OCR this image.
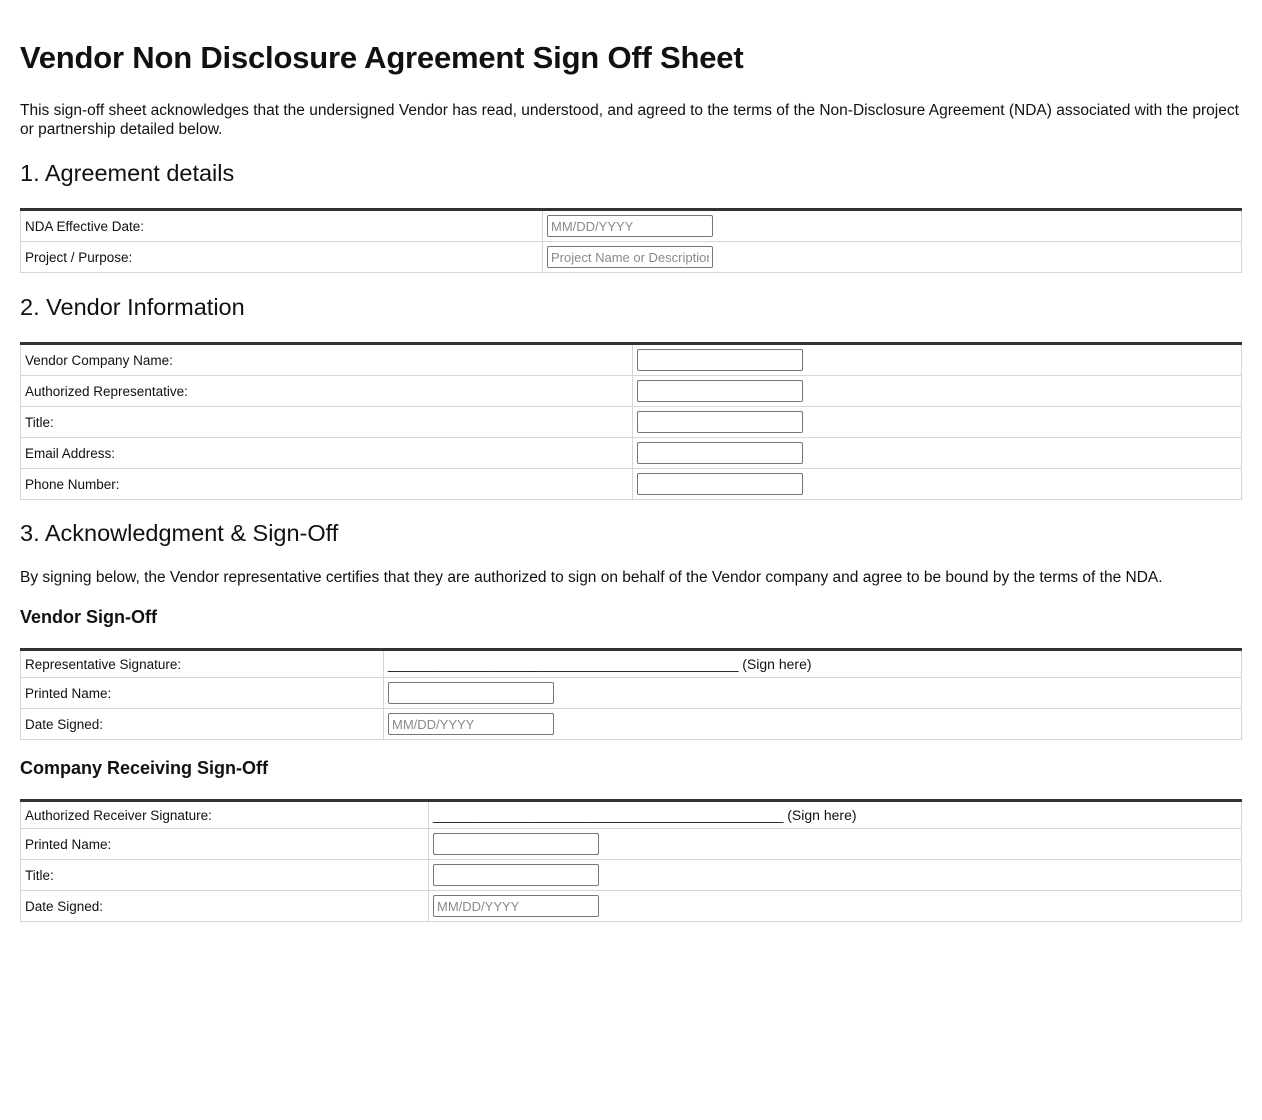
Vendor Non Disclosure Agreement Sign Off Sheet

This sign-off sheet acknowledges that the undersigned Vendor has read, understood, and agreed to the terms of the Non-Disclosure Agreement (NDA) associated with the project or partnership detailed below.

1. Agreement details
NDA Effective Date:	MM/DD/YYYY
Project / Purpose:	Project Name or Description
2. Vendor Information
Vendor Company Name:	
Authorized Representative:	
Title:	
Email Address:	
Phone Number:	
3. Acknowledgment & Sign-Off

By signing below, the Vendor representative certifies that they are authorized to sign on behalf of the Vendor company and agree to be bound by the terms of the NDA.

Vendor Sign-Off
Representative Signature:	_____________________________________________ (Sign here)
Printed Name:	
Date Signed:	MM/DD/YYYY
Company Receiving Sign-Off
Authorized Receiver Signature:	_____________________________________________ (Sign here)
Printed Name:	
Title:	
Date Signed:	MM/DD/YYYY
